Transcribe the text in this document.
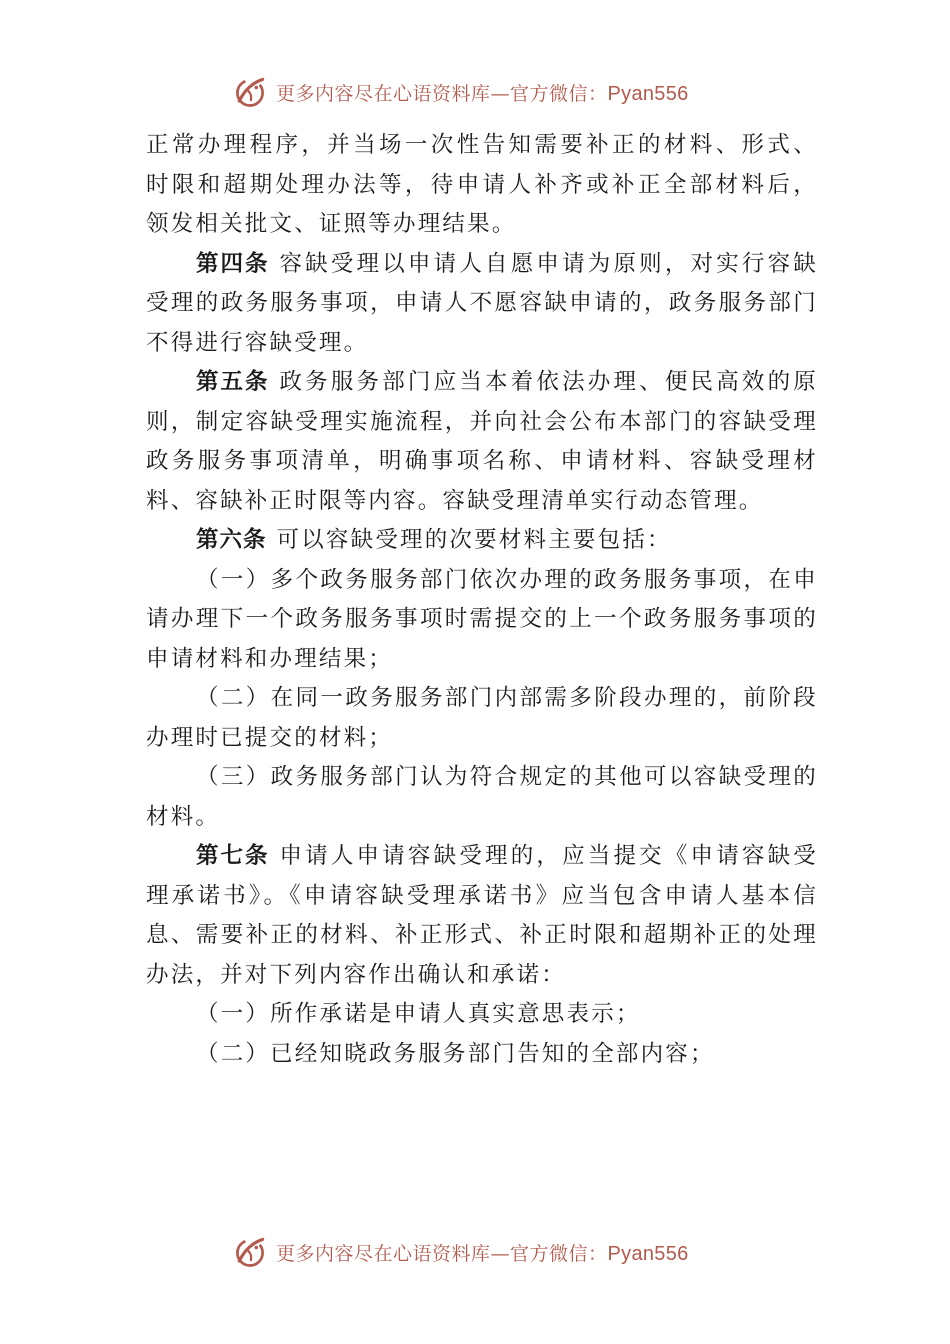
更多内容尽在心语资料库—官方微信：Pyan556

正常办理程序，并当场一次性告知需要补正的材料、形式、 时限和超期处理办法等，待申请人补齐或补正全部材料后， 领发相关批文、证照等办理结果。

第四条 容缺受理以申请人自愿申请为原则，对实行容缺受理的政务服务事项，申请人不愿容缺申请的，政务服务部门不得进行容缺受理。

第五条 政务服务部门应当本着依法办理、便民高效的原则，制定容缺受理实施流程，并向社会公布本部门的容缺受理政务服务事项清单，明确事项名称、申请材料、容缺受理材料、容缺补正时限等内容。容缺受理清单实行动态管理。

第六条 可以容缺受理的次要材料主要包括：

（一）多个政务服务部门依次办理的政务服务事项，在申请办理下一个政务服务事项时需提交的上一个政务服务事项的申请材料和办理结果；

（二）在同一政务服务部门内部需多阶段办理的，前阶段办理时已提交的材料；

（三）政务服务部门认为符合规定的其他可以容缺受理的材料。

第七条 申请人申请容缺受理的，应当提交《申请容缺受理承诺书》。《申请容缺受理承诺书》应当包含申请人基本信息、需要补正的材料、补正形式、补正时限和超期补正的处理办法，并对下列内容作出确认和承诺：

（一）所作承诺是申请人真实意思表示；

（二）已经知晓政务服务部门告知的全部内容；

更多内容尽在心语资料库—官方微信：Pyan556
